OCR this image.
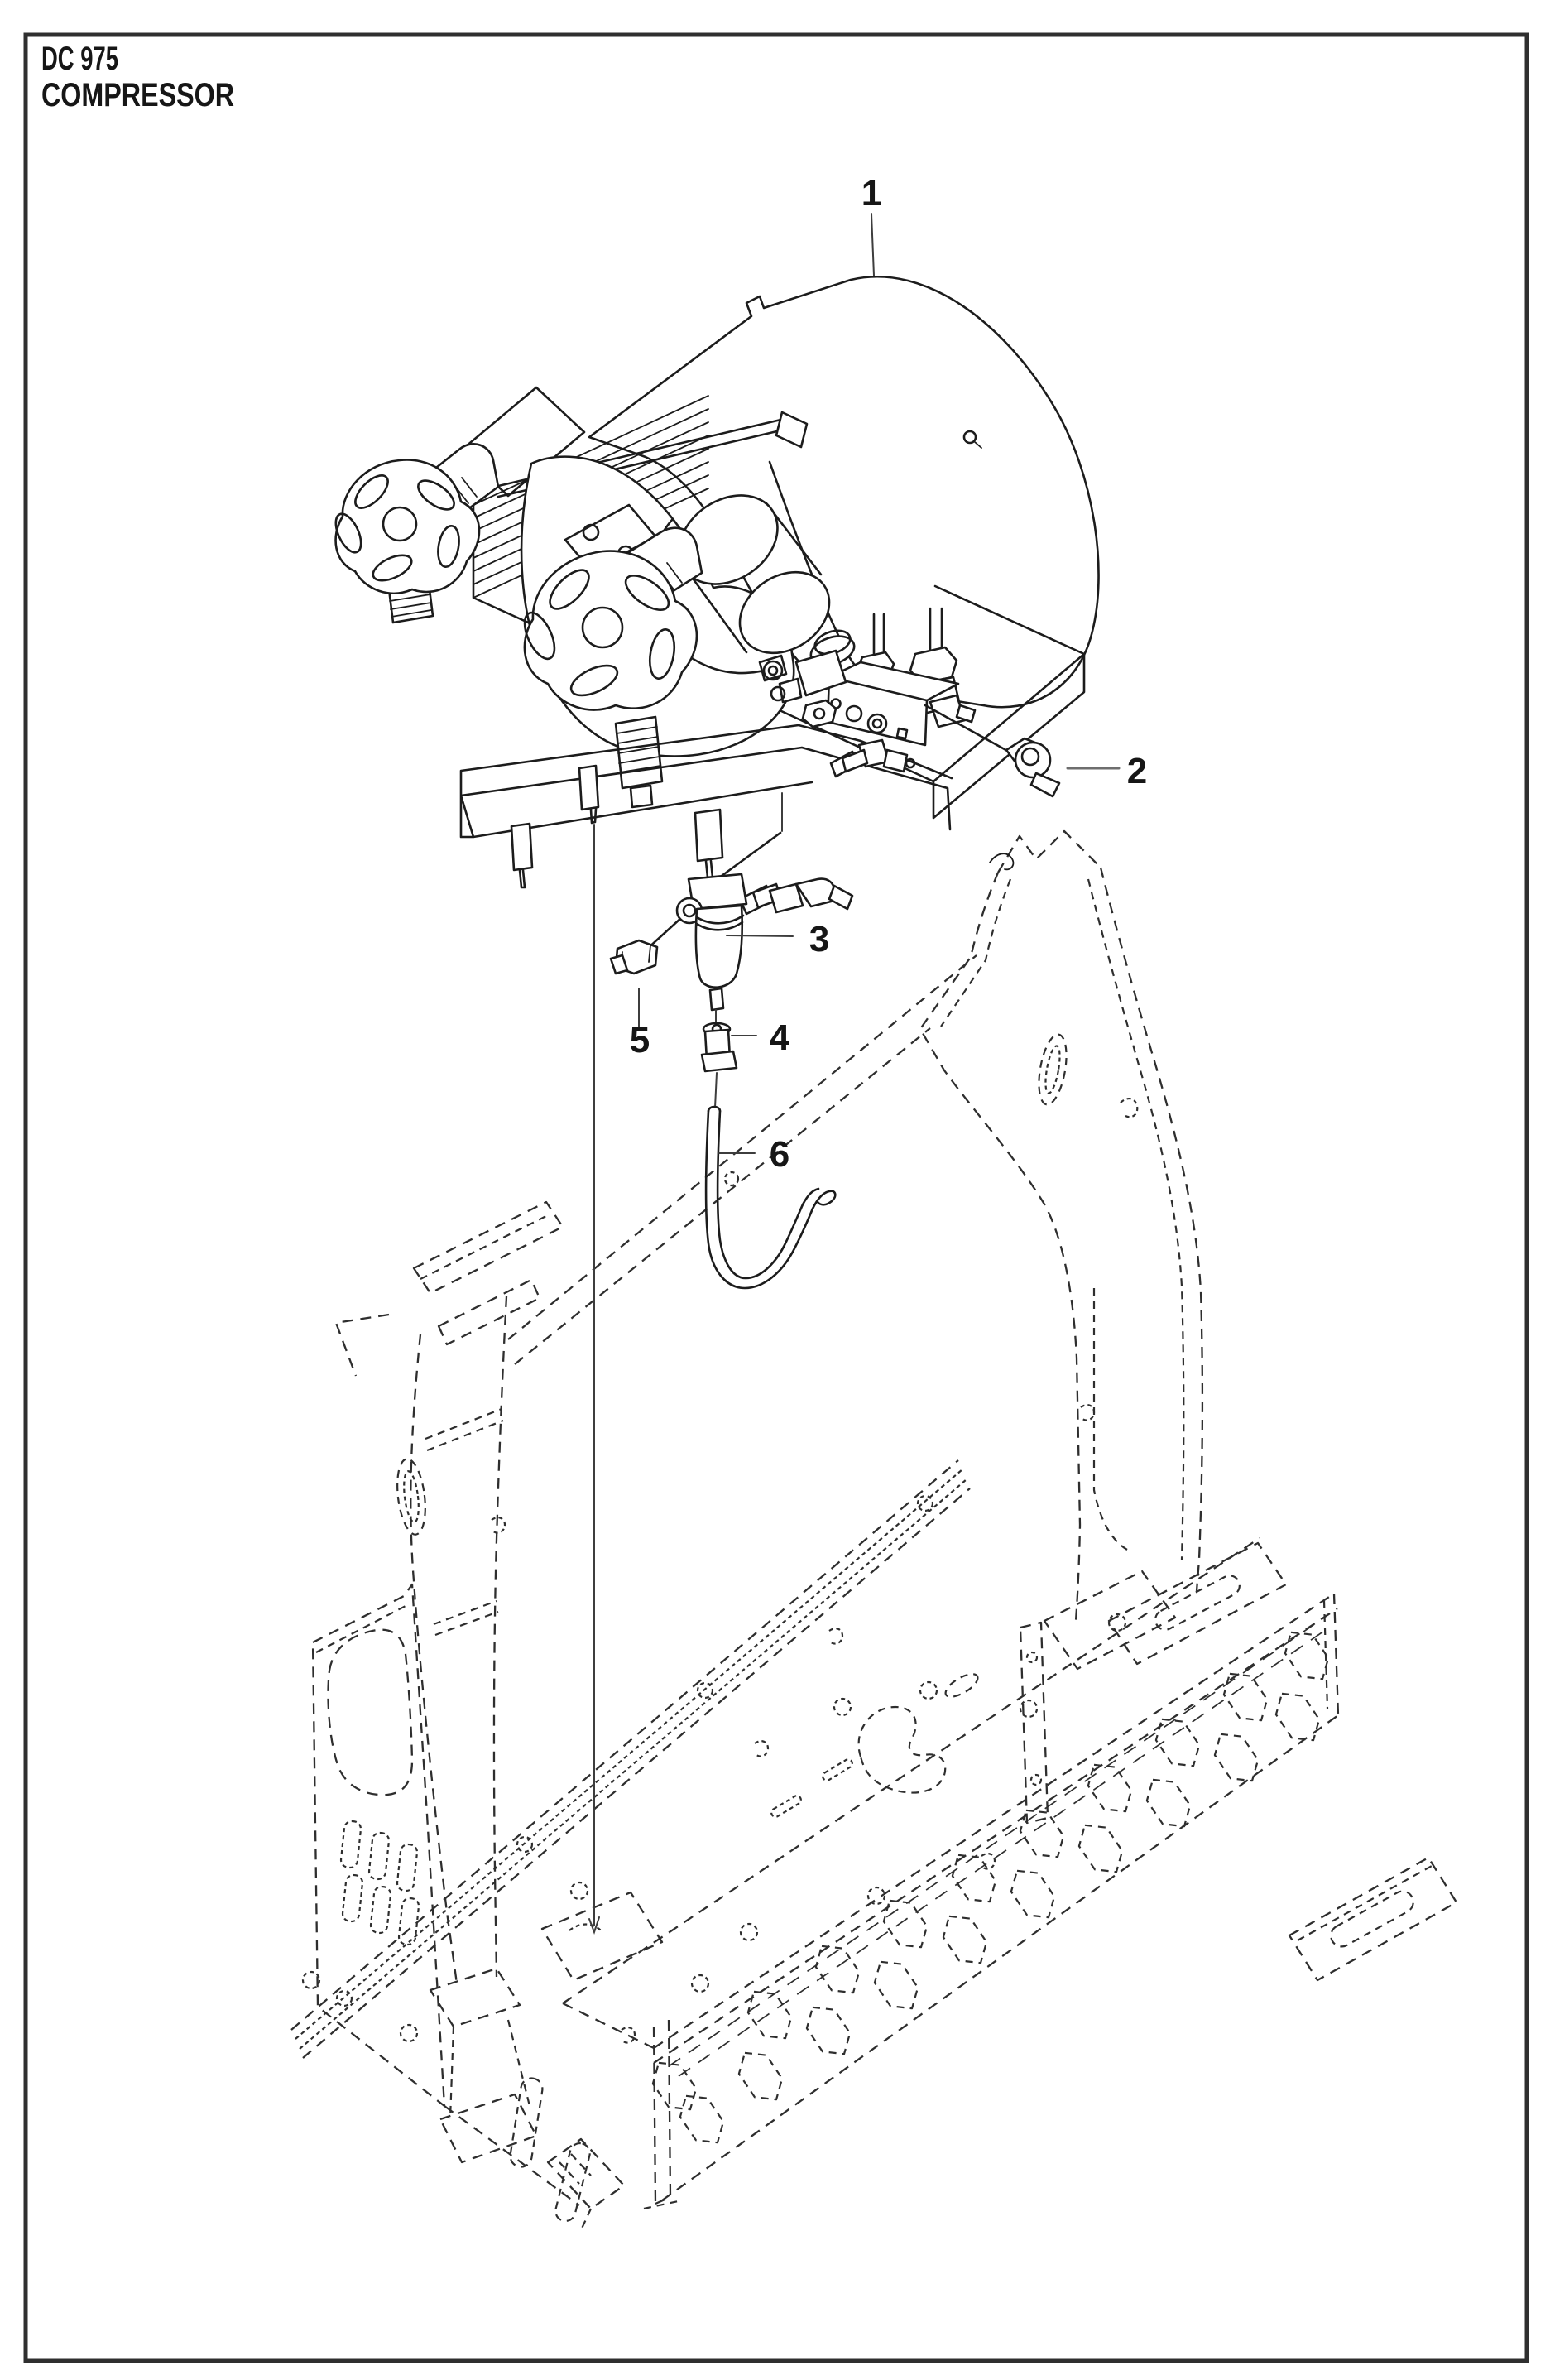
DC 975
COMPRESSOR
1
2
3
4
5
6
